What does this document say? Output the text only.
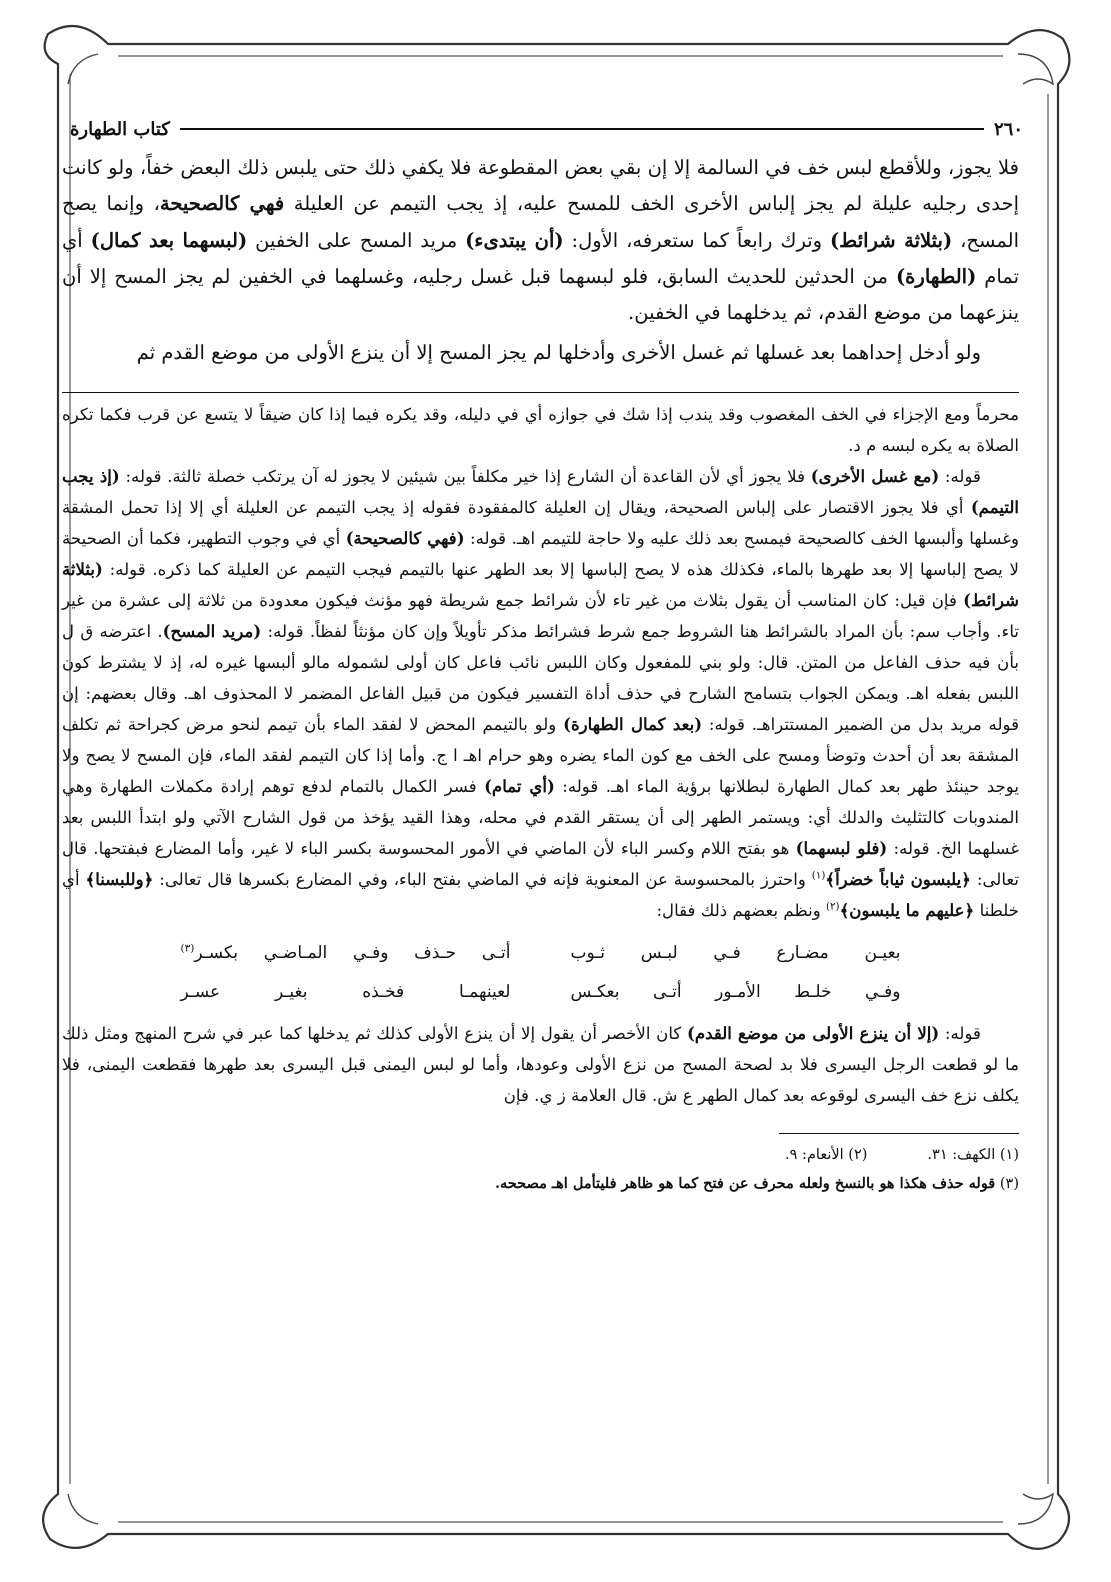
٢٦٠
كتاب الطهارة

فلا يجوز، وللأقطع لبس خف في السالمة إلا إن بقي بعض المقطوعة فلا يكفي ذلك حتى يلبس ذلك البعض خفاً، ولو كانت إحدى رجليه عليلة لم يجز إلباس الأخرى الخف للمسح عليه، إذ يجب التيمم عن العليلة فهي كالصحيحة، وإنما يصح المسح، (بثلاثة شرائط) وترك رابعاً كما ستعرفه، الأول: (أن يبتدىء) مريد المسح على الخفين (لبسهما بعد كمال) أي تمام (الطهارة) من الحدثين للحديث السابق، فلو لبسهما قبل غسل رجليه، وغسلهما في الخفين لم يجز المسح إلا أن ينزعهما من موضع القدم، ثم يدخلهما في الخفين.

ولو أدخل إحداهما بعد غسلها ثم غسل الأخرى وأدخلها لم يجز المسح إلا أن ينزع الأولى من موضع القدم ثم

محرماً ومع الإجزاء في الخف المغصوب وقد يندب إذا شك في جوازه أي في دليله، وقد يكره فيما إذا كان ضيقاً لا يتسع عن قرب فكما تكره الصلاة به يكره لبسه م د.

قوله: (مع غسل الأخرى) فلا يجوز أي لأن القاعدة أن الشارع إذا خير مكلفاً بين شيئين لا يجوز له آن يرتكب خصلة ثالثة. قوله: (إذ يجب التيمم) أي فلا يجوز الاقتصار على إلباس الصحيحة، ويقال إن العليلة كالمفقودة فقوله إذ يجب التيمم عن العليلة أي إلا إذا تحمل المشقة وغسلها وألبسها الخف كالصحيحة فيمسح بعد ذلك عليه ولا حاجة للتيمم اهـ. قوله: (فهي كالصحيحة) أي في وجوب التطهير، فكما أن الصحيحة لا يصح إلباسها إلا بعد طهرها بالماء، فكذلك هذه لا يصح إلباسها إلا بعد الطهر عنها بالتيمم فيجب التيمم عن العليلة كما ذكره. قوله: (بثلاثة شرائط) فإن قيل: كان المناسب أن يقول بثلاث من غير تاء لأن شرائط جمع شريطة فهو مؤنث فيكون معدودة من ثلاثة إلى عشرة من غير تاء. وأجاب سم: بأن المراد بالشرائط هنا الشروط جمع شرط فشرائط مذكر تأويلاً وإن كان مؤنثاً لفظاً. قوله: (مريد المسح). اعترضه ق ل بأن فيه حذف الفاعل من المتن. قال: ولو بني للمفعول وكان اللبس نائب فاعل كان أولى لشموله مالو ألبسها غيره له، إذ لا يشترط كون اللبس بفعله اهـ. ويمكن الجواب بتسامح الشارح في حذف أداة التفسير فيكون من قبيل الفاعل المضمر لا المحذوف اهـ. وقال بعضهم: إن قوله مريد بدل من الضمير المستتراهـ. قوله: (بعد كمال الطهارة) ولو بالتيمم المحض لا لفقد الماء بأن تيمم لنحو مرض كجراحة ثم تكلف المشقة بعد أن أحدث وتوضأ ومسح على الخف مع كون الماء يضره وهو حرام اهـ ا ج. وأما إذا كان التيمم لفقد الماء، فإن المسح لا يصح ولا يوجد حينئذ طهر بعد كمال الطهارة لبطلانها برؤية الماء اهـ. قوله: (أي تمام) فسر الكمال بالتمام لدفع توهم إرادة مكملات الطهارة وهي المندوبات كالتثليث والدلك أي: ويستمر الطهر إلى أن يستقر القدم في محله، وهذا القيد يؤخذ من قول الشارح الآتي ولو ابتدأ اللبس بعد غسلهما الخ. قوله: (فلو لبسهما) هو بفتح اللام وكسر الباء لأن الماضي في الأمور المحسوسة بكسر الباء لا غير، وأما المضارع فبفتحها. قال تعالى: ﴿يلبسون ثياباً خضراً﴾$^{(١)}$ واحترز بالمحسوسة عن المعنوية فإنه في الماضي بفتح الباء، وفي المضارع بكسرها قال تعالى: ﴿وللبسنا﴾ أي خلطنا ﴿عليهم ما يلبسون﴾$^{(٢)}$ ونظم بعضهم ذلك فقال:

بعيـن مضـارع فـي لبـس ثـوب
أتـى حـذف وفـي المـاضـي بكسـر$^{(٣)}$
وفـي خلـط الأمـور أتـى بعكـس
لعينهمـا فخـذه بغيـر عسـر

قوله: (إلا أن ينزع الأولى من موضع القدم) كان الأخصر أن يقول إلا أن ينزع الأولى كذلك ثم يدخلها كما عبر في شرح المنهج ومثل ذلك ما لو قطعت الرجل اليسرى فلا بد لصحة المسح من نزع الأولى وعودها، وأما لو لبس اليمنى قبل اليسرى بعد طهرها فقطعت اليمنى، فلا يكلف نزع خف اليسرى لوقوعه بعد كمال الطهر ع ش. قال العلامة ز ي. فإن

(١) الكهف: ٣١.(٢) الأنعام: ٩.

(٣) قوله حذف هكذا هو بالنسخ ولعله محرف عن فتح كما هو ظاهر فليتأمل اهـ مصححه.
